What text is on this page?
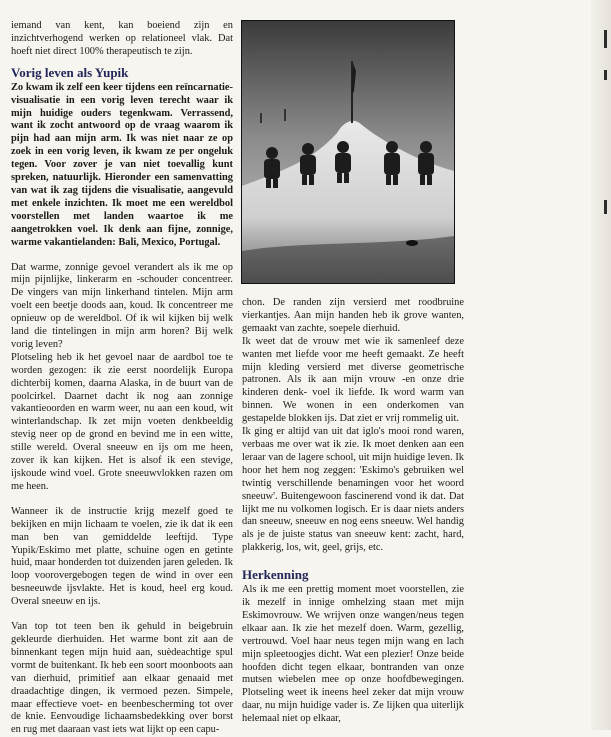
iemand van kent, kan boeiend zijn en inzichtverhogend werken op relationeel vlak. Dat hoeft niet direct 100% therapeutisch te zijn.

Vorig leven als Yupik

Zo kwam ik zelf een keer tijdens een reïncarnatie-visualisatie in een vorig leven terecht waar ik mijn huidige ouders tegenkwam. Verrassend, want ik zocht antwoord op de vraag waarom ik pijn had aan mijn arm. Ik was niet naar ze op zoek in een vorig leven, ik kwam ze per ongeluk tegen. Voor zover je van niet toevallig kunt spreken, natuurlijk. Hieronder een samenvatting van wat ik zag tijdens die visualisatie, aangevuld met enkele inzichten. Ik moet me een wereldbol voorstellen met landen waartoe ik me aangetrokken voel. Ik denk aan fijne, zonnige, warme vakantielanden: Bali, Mexico, Portugal.

Dat warme, zonnige gevoel verandert als ik me op mijn pijnlijke, linkerarm en -schouder concentreer. De vingers van mijn linkerhand tintelen. Mijn arm voelt een beetje doods aan, koud. Ik concentreer me opnieuw op de wereldbol. Of ik wil kijken bij welk land die tintelingen in mijn arm horen? Bij welk vorig leven?

Plotseling heb ik het gevoel naar de aardbol toe te worden gezogen: ik zie eerst noordelijk Europa dichterbij komen, daarna Alaska, in de buurt van de poolcirkel. Daarnet dacht ik nog aan zonnige vakantieoorden en warm weer, nu aan een koud, wit winterlandschap. Ik zet mijn voeten denkbeeldig stevig neer op de grond en bevind me in een witte, stille wereld. Overal sneeuw en ijs om me heen, zover ik kan kijken. Het is alsof ik een stevige, ijskoude wind voel. Grote sneeuwvlokken razen om me heen.

Wanneer ik de instructie krijg mezelf goed te bekijken en mijn lichaam te voelen, zie ik dat ik een man ben van gemiddelde leeftijd. Type Yupik/Eskimo met platte, schuine ogen en getinte huid, maar honderden tot duizenden jaren geleden. Ik loop voorovergebogen tegen de wind in over een besneeuwde ijsvlakte. Het is koud, heel erg koud. Overal sneeuw en ijs.

Van top tot teen ben ik gehuld in beigebruin gekleurde dierhuiden. Het warme bont zit aan de binnenkant tegen mijn huid aan, suèdeachtige spul vormt de buitenkant. Ik heb een soort moonboots aan van dierhuid, primitief aan elkaar genaaid met draadachtige dingen, ik vermoed pezen. Simpele, maar effectieve voet- en beenbescherming tot over de knie. Eenvoudige lichaamsbedekking over borst en rug met daaraan vast iets wat lijkt op een capu-

chon. De randen zijn versierd met roodbruine vierkantjes. Aan mijn handen heb ik grove wanten, gemaakt van zachte, soepele dierhuid.

Ik weet dat de vrouw met wie ik samenleef deze wanten met liefde voor me heeft gemaakt. Ze heeft mijn kleding versierd met diverse geometrische patronen. Als ik aan mijn vrouw -en onze drie kinderen denk- voel ik liefde. Ik word warm van binnen. We wonen in een onderkomen van gestapelde blokken ijs. Dat ziet er vrij rommelig uit.

Ik ging er altijd van uit dat iglo's mooi rond waren, verbaas me over wat ik zie. Ik moet denken aan een leraar van de lagere school, uit mijn huidige leven. Ik hoor het hem nog zeggen: 'Eskimo's gebruiken wel twintig verschillende benamingen voor het woord sneeuw'. Buitengewoon fascinerend vond ik dat. Dat lijkt me nu volkomen logisch. Er is daar niets anders dan sneeuw, sneeuw en nog eens sneeuw. Wel handig als je de juiste status van sneeuw kent: zacht, hard, plakkerig, los, wit, geel, grijs, etc.

Herkenning

Als ik me een prettig moment moet voorstellen, zie ik mezelf in innige omhelzing staan met mijn Eskimovrouw. We wrijven onze wangen/neus tegen elkaar aan. Ik zie het mezelf doen. Warm, gezellig, vertrouwd. Voel haar neus tegen mijn wang en lach mijn spleetoogjes dicht. Wat een plezier! Onze beide hoofden dicht tegen elkaar, bontranden van onze mutsen wiebelen mee op onze hoofdbewegingen. Plotseling weet ik ineens heel zeker dat mijn vrouw daar, nu mijn huidige vader is. Ze lijken qua uiterlijk helemaal niet op elkaar,
